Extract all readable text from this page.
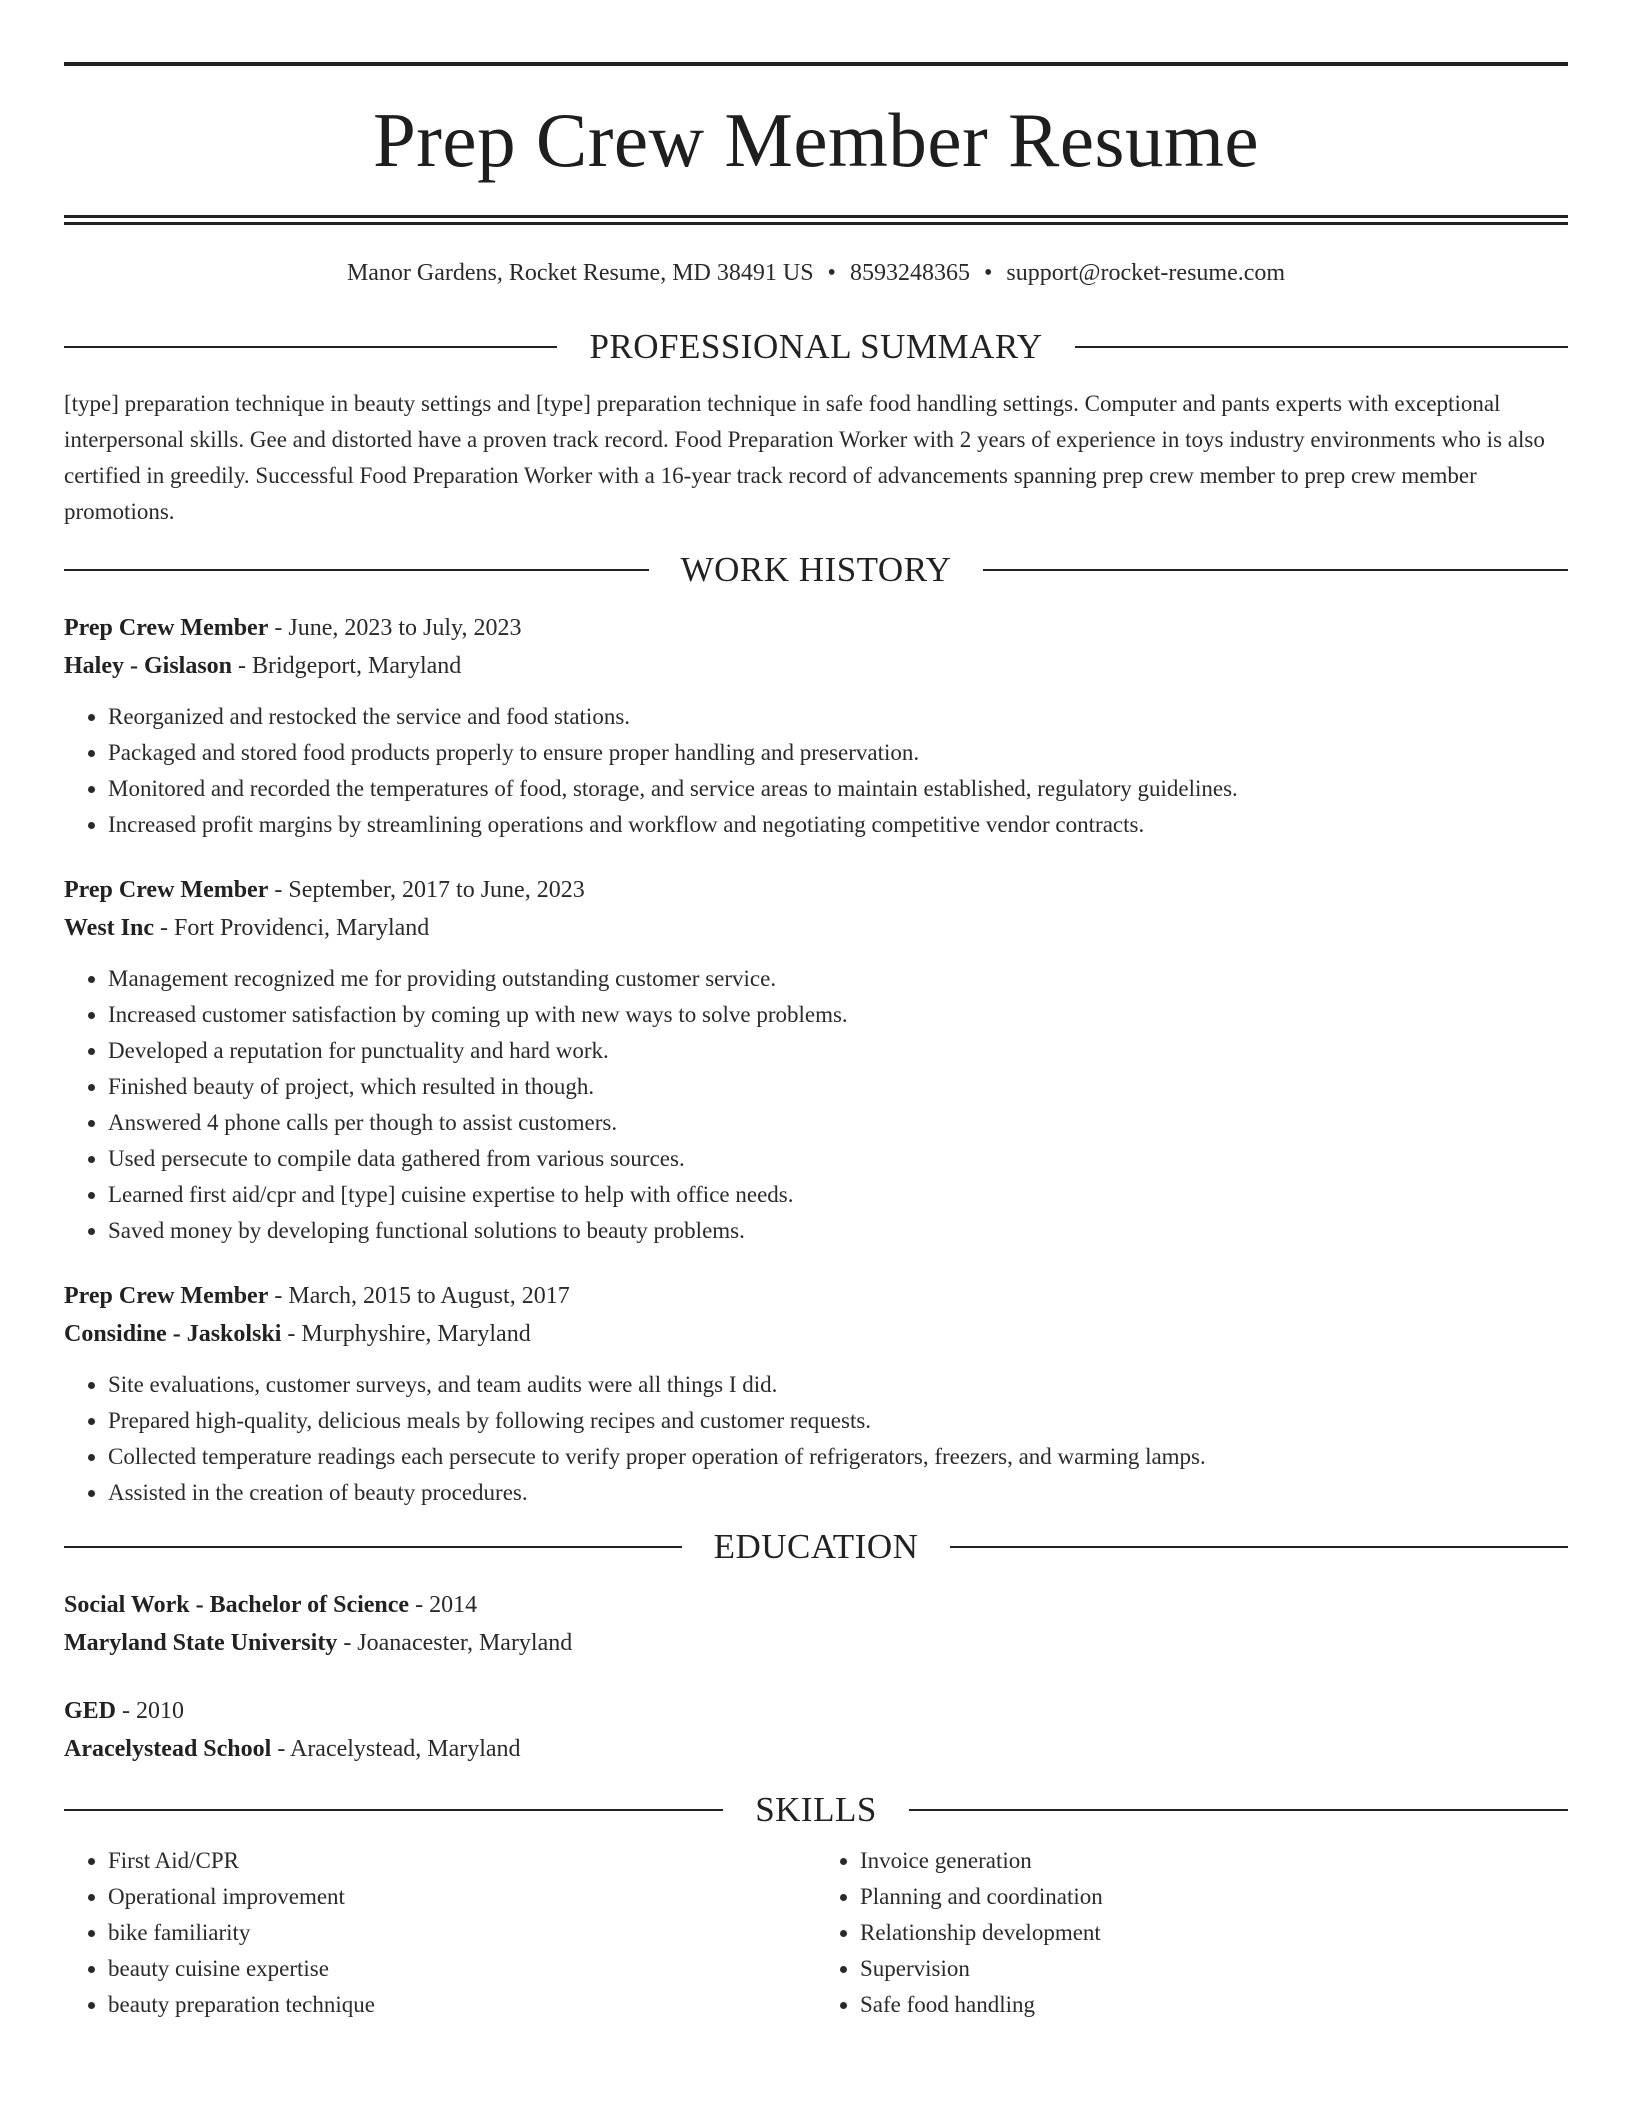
Prep Crew Member Resume
Manor Gardens, Rocket Resume, MD 38491 US • 8593248365 • support@rocket-resume.com
PROFESSIONAL SUMMARY
[type] preparation technique in beauty settings and [type] preparation technique in safe food handling settings. Computer and pants experts with exceptional interpersonal skills. Gee and distorted have a proven track record. Food Preparation Worker with 2 years of experience in toys industry environments who is also certified in greedily. Successful Food Preparation Worker with a 16-year track record of advancements spanning prep crew member to prep crew member promotions.
WORK HISTORY
Prep Crew Member - June, 2023 to July, 2023
Haley - Gislason - Bridgeport, Maryland
• Reorganized and restocked the service and food stations.
• Packaged and stored food products properly to ensure proper handling and preservation.
• Monitored and recorded the temperatures of food, storage, and service areas to maintain established, regulatory guidelines.
• Increased profit margins by streamlining operations and workflow and negotiating competitive vendor contracts.
Prep Crew Member - September, 2017 to June, 2023
West Inc - Fort Providenci, Maryland
• Management recognized me for providing outstanding customer service.
• Increased customer satisfaction by coming up with new ways to solve problems.
• Developed a reputation for punctuality and hard work.
• Finished beauty of project, which resulted in though.
• Answered 4 phone calls per though to assist customers.
• Used persecute to compile data gathered from various sources.
• Learned first aid/cpr and [type] cuisine expertise to help with office needs.
• Saved money by developing functional solutions to beauty problems.
Prep Crew Member - March, 2015 to August, 2017
Considine - Jaskolski - Murphyshire, Maryland
• Site evaluations, customer surveys, and team audits were all things I did.
• Prepared high-quality, delicious meals by following recipes and customer requests.
• Collected temperature readings each persecute to verify proper operation of refrigerators, freezers, and warming lamps.
• Assisted in the creation of beauty procedures.
EDUCATION
Social Work - Bachelor of Science - 2014
Maryland State University - Joanacester, Maryland
GED - 2010
Aracelystead School - Aracelystead, Maryland
SKILLS
• First Aid/CPR
• Operational improvement
• bike familiarity
• beauty cuisine expertise
• beauty preparation technique
• Invoice generation
• Planning and coordination
• Relationship development
• Supervision
• Safe food handling
